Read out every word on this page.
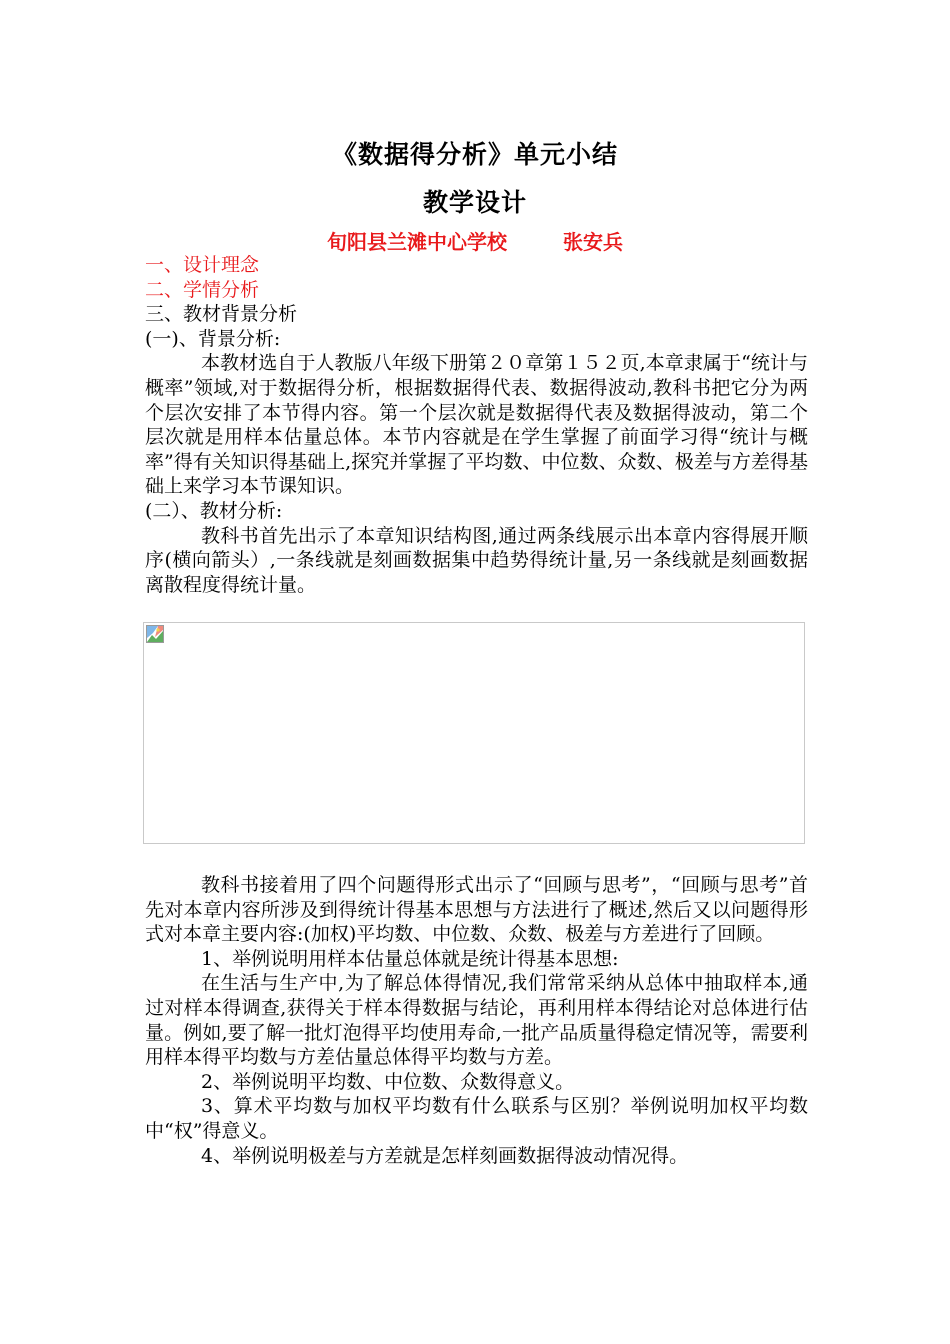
《数据得分析》单元小结
教学设计
旬阳县兰滩中心学校	张安兵

一、设计理念

二、学情分析

三、教材背景分析

(一)、背景分析:

本教材选自于人教版八年级下册第２０章第１５２页,本章隶属于“统计与概率”领域,对于数据得分析，根据数据得代表、数据得波动,教科书把它分为两个层次安排了本节得内容。第一个层次就是数据得代表及数据得波动，第二个层次就是用样本估量总体。本节内容就是在学生掌握了前面学习得“统计与概率”得有关知识得基础上,探究并掌握了平均数、中位数、众数、极差与方差得基础上来学习本节课知识。

(二）、教材分析:

教科书首先出示了本章知识结构图,通过两条线展示出本章内容得展开顺序(横向箭头）,一条线就是刻画数据集中趋势得统计量,另一条线就是刻画数据离散程度得统计量。

教科书接着用了四个问题得形式出示了“回顾与思考”，“回顾与思考”首先对本章内容所涉及到得统计得基本思想与方法进行了概述,然后又以问题得形式对本章主要内容:(加权)平均数、中位数、众数、极差与方差进行了回顾。

1、举例说明用样本估量总体就是统计得基本思想:

在生活与生产中,为了解总体得情况,我们常常采纳从总体中抽取样本,通过对样本得调查,获得关于样本得数据与结论，再利用样本得结论对总体进行估量。例如,要了解一批灯泡得平均使用寿命,一批产品质量得稳定情况等，需要利用样本得平均数与方差估量总体得平均数与方差。

2、举例说明平均数、中位数、众数得意义。

3、算术平均数与加权平均数有什么联系与区别？举例说明加权平均数中“权”得意义。

4、举例说明极差与方差就是怎样刻画数据得波动情况得。
